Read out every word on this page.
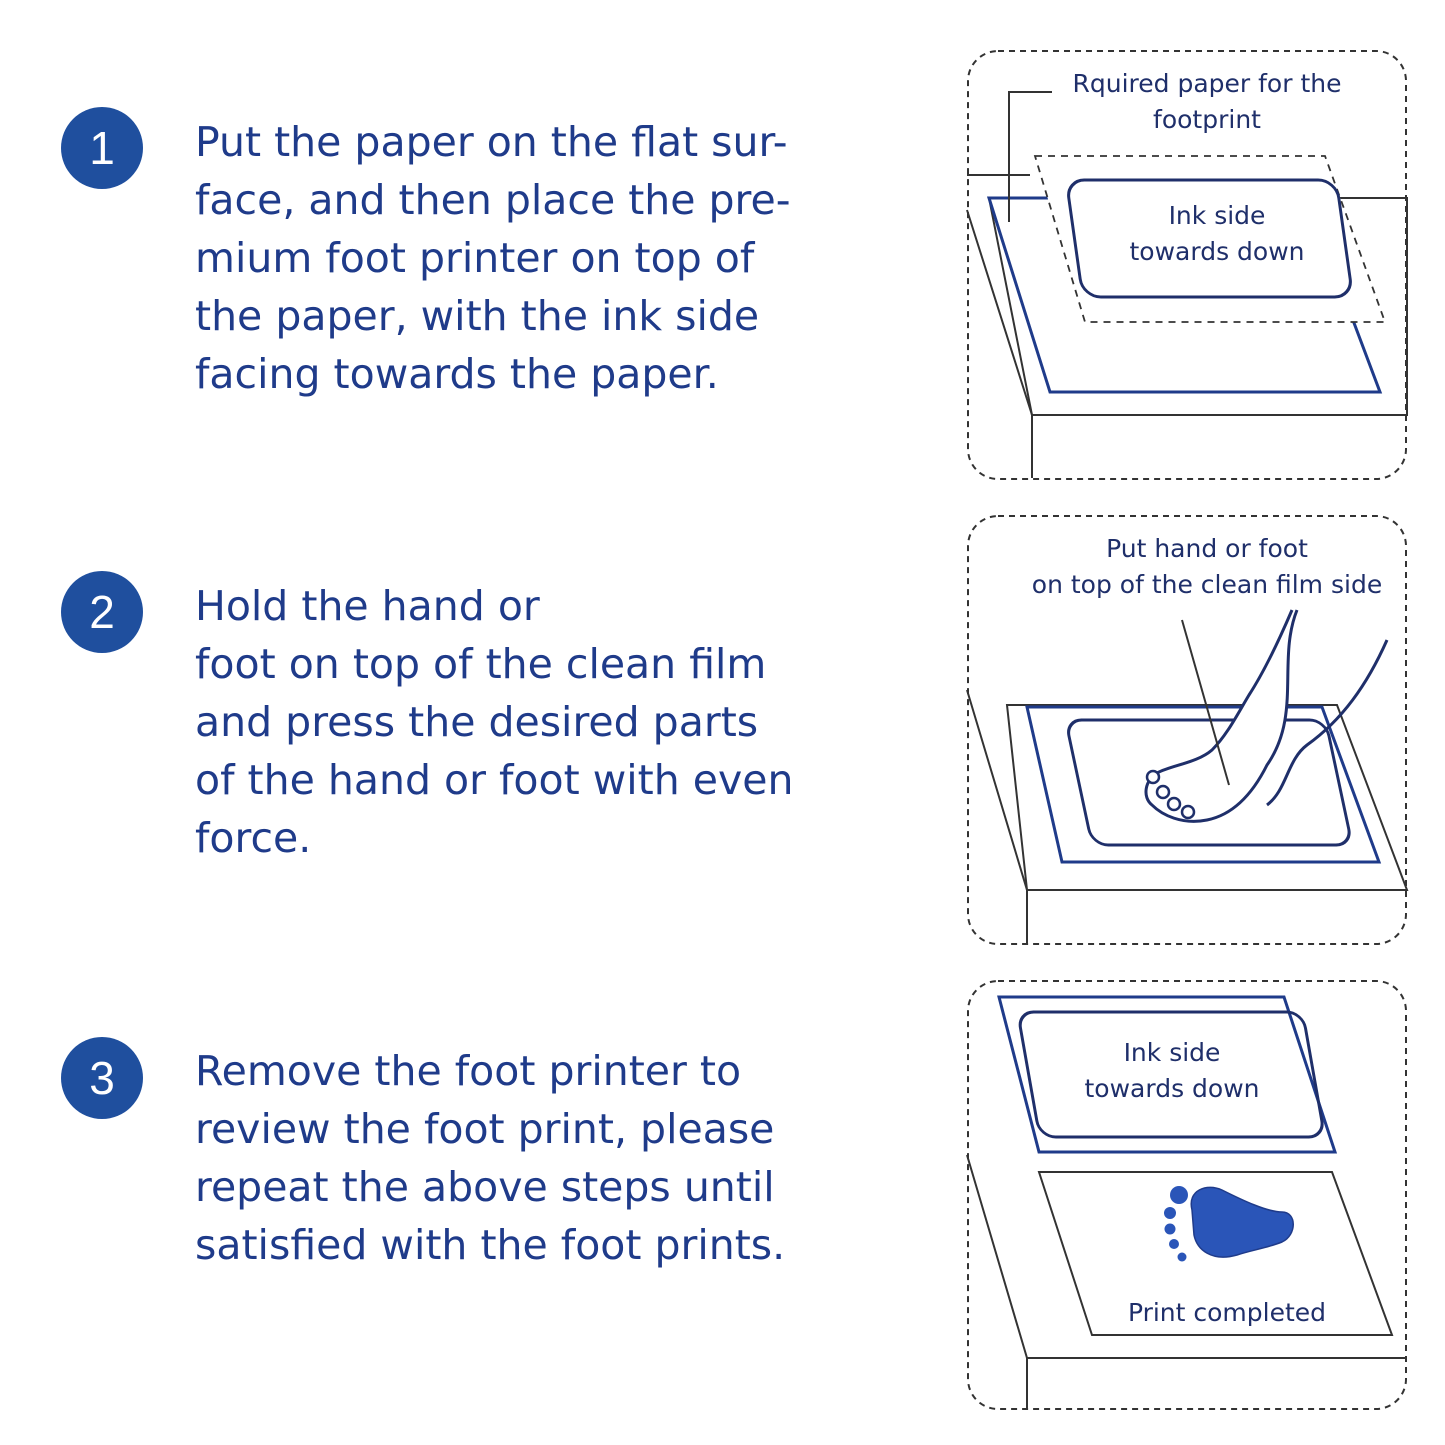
1	Put the paper on the flat sur-
face, and then place the pre-
mium foot printer on top of
the paper, with the ink side
facing towards the paper.

2	Hold the hand or
foot on top of the clean film
and press the desired parts
of the hand or foot with even
force.

3	Remove the foot printer to
review the foot print, please
repeat the above steps until
satisfied with the foot prints.

Rquired paper for the
footprint
Ink side
towards down
Put hand or foot
on top of the clean film side
Ink side
towards down
Print completed
